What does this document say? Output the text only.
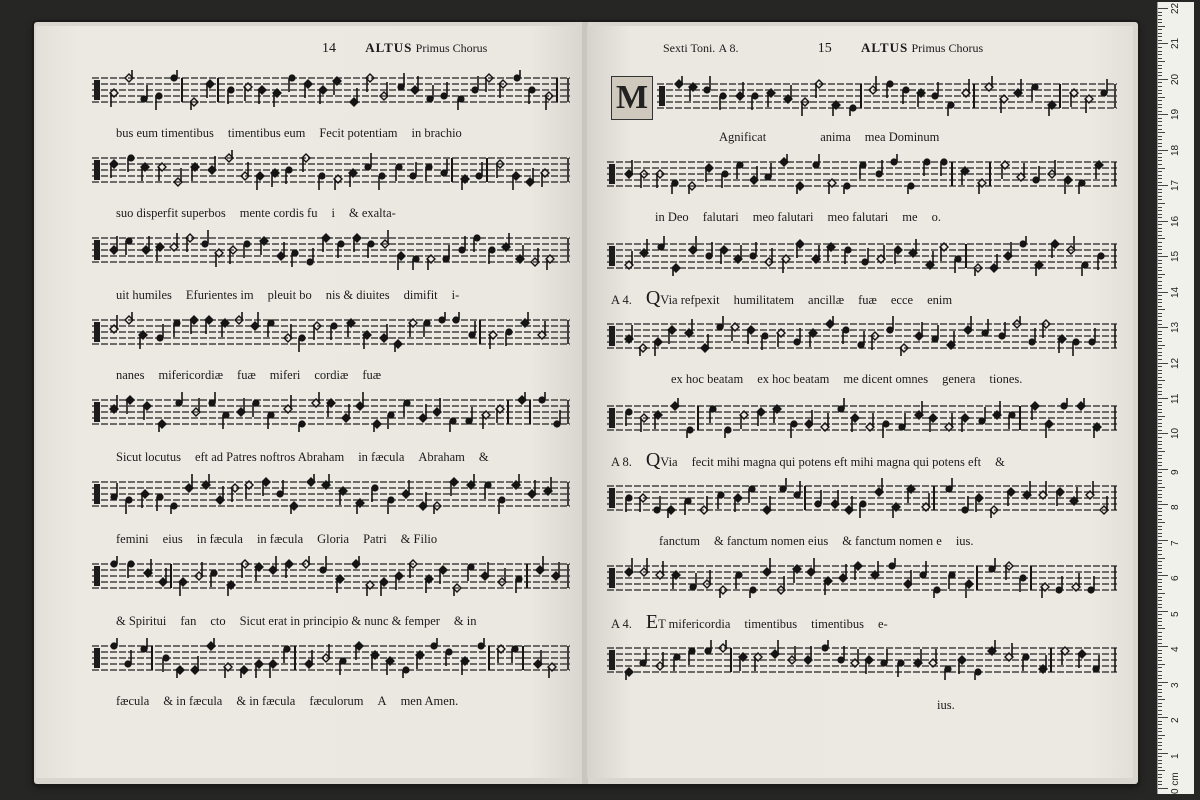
14 ALTUS Primus Chorus
bus eum timentibus timentibus eum Fecit potentiam in brachio
suo disperfit superbos mente cordis fu i & exalta-
uit humiles Efurientes im pleuit bo nis & diuites dimifit i-
nanes mifericordiæ fuæ miferi cordiæ fuæ
Sicut locutus eft ad Patres noftros Abraham in fæcula Abraham &
femini eius in fæcula in fæcula Gloria Patri & Filio
& Spiritui fan cto Sicut erat in principio & nunc & femper & in
fæcula & in fæcula & in fæcula fæculorum A men Amen.
Sexti Toni. A 8.	15 ALTUS Primus Chorus
M
Agnificat	anima mea Dominum
in Deo falutari meo falutari meo falutari me o.
A 4. QVia refpexit humilitatem ancillæ fuæ ecce enim
ex hoc beatam ex hoc beatam me dicent omnes genera tiones.
A 8. QVia fecit mihi magna qui potens eft mihi magna qui potens eft &
fanctum & fanctum nomen eius & fanctum nomen e ius.
A 4. ET mifericordia timentibus timentibus e-
ius.
0 cm
1
2
3
4
5
6
7
8
9
10
11
12
13
14
15
16
17
18
19
20
21
22
